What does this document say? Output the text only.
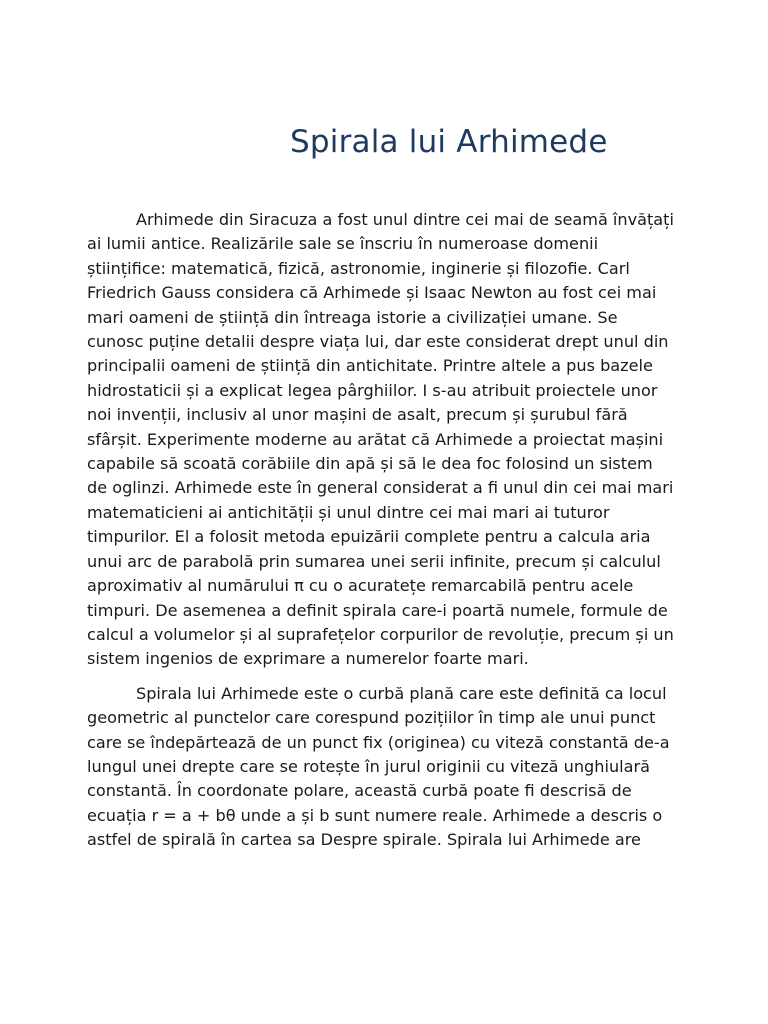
Spirala lui Arhimede

Arhimede din Siracuza a fost unul dintre cei mai de seamă învățați ai lumii antice. Realizările sale se înscriu în numeroase domenii științifice: matematică, fizică, astronomie, inginerie și filozofie. Carl Friedrich Gauss considera că Arhimede și Isaac Newton au fost cei mai mari oameni de știință din întreaga istorie a civilizației umane. Se cunosc puține detalii despre viața lui, dar este considerat drept unul din principalii oameni de știință din antichitate. Printre altele a pus bazele hidrostaticii și a explicat legea pârghiilor. I s-au atribuit proiectele unor noi invenții, inclusiv al unor mașini de asalt, precum și șurubul fără sfârșit. Experimente moderne au arătat că Arhimede a proiectat mașini capabile să scoată corăbiile din apă și să le dea foc folosind un sistem de oglinzi. Arhimede este în general considerat a fi unul din cei mai mari matematicieni ai antichității și unul dintre cei mai mari ai tuturor timpurilor. El a folosit metoda epuizării complete pentru a calcula aria unui arc de parabolă prin sumarea unei serii infinite, precum și calculul aproximativ al numărului π cu o acuratețe remarcabilă pentru acele timpuri. De asemenea a definit spirala care-i poartă numele, formule de calcul a volumelor și al suprafețelor corpurilor de revoluție, precum și un sistem ingenios de exprimare a numerelor foarte mari.

Spirala lui Arhimede este o curbă plană care este definită ca locul geometric al punctelor care corespund pozițiilor în timp ale unui punct care se îndepărtează de un punct fix (originea) cu viteză constantă de-a lungul unei drepte care se rotește în jurul originii cu viteză unghiulară constantă. În coordonate polare, această curbă poate fi descrisă de ecuația r = a + bθ unde a și b sunt numere reale. Arhimede a descris o astfel de spirală în cartea sa Despre spirale. Spirala lui Arhimede are
